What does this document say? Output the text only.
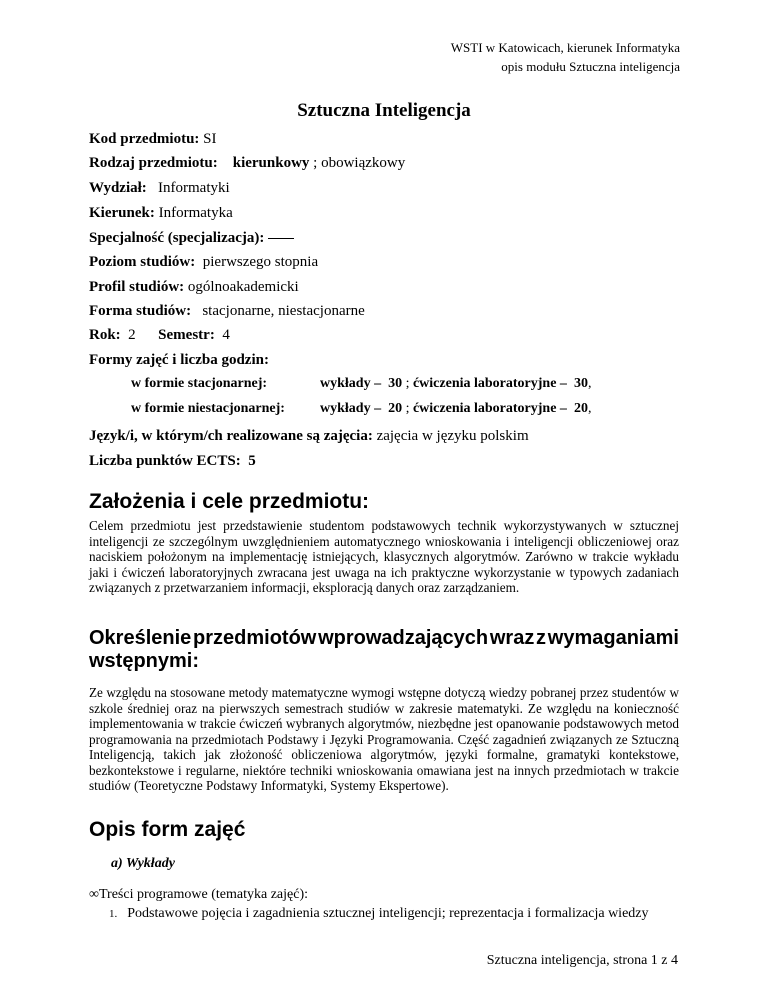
WSTI w Katowicach, kierunek Informatyka
opis modułu Sztuczna inteligencja
Sztuczna Inteligencja
Kod przedmiotu: SI
Rodzaj przedmiotu: kierunkowy ; obowiązkowy
Wydział: Informatyki
Kierunek: Informatyka
Specjalność (specjalizacja):
Poziom studiów: pierwszego stopnia
Profil studiów: ogólnoakademicki
Forma studiów: stacjonarne, niestacjonarne
Rok: 2 Semestr: 4
Formy zajęć i liczba godzin:
w formie stacjonarnej:	wykłady – 30 ; ćwiczenia laboratoryjne – 30,
w formie niestacjonarnej:	wykłady – 20 ; ćwiczenia laboratoryjne – 20,
Język/i, w którym/ch realizowane są zajęcia: zajęcia w języku polskim
Liczba punktów ECTS: 5
Założenia i cele przedmiotu:
Celem przedmiotu jest przedstawienie studentom podstawowych technik wykorzystywanych w sztucznej inteligencji ze szczególnym uwzględnieniem automatycznego wnioskowania i inteligencji obliczeniowej oraz naciskiem położonym na implementację istniejących, klasycznych algorytmów. Zarówno w trakcie wykładu jaki i ćwiczeń laboratoryjnych zwracana jest uwaga na ich praktyczne wykorzystanie w typowych zadaniach związanych z przetwarzaniem informacji, eksploracją danych oraz zarządzaniem.
Określenie przedmiotów wprowadzających wraz z wymaganiami
wstępnymi:
Ze względu na stosowane metody matematyczne wymogi wstępne dotyczą wiedzy pobranej przez studentów w szkole średniej oraz na pierwszych semestrach studiów w zakresie matematyki. Ze względu na konieczność implementowania w trakcie ćwiczeń wybranych algorytmów, niezbędne jest opanowanie podstawowych metod programowania na przedmiotach Podstawy i Języki Programowania. Część zagadnień związanych ze Sztuczną Inteligencją, takich jak złożoność obliczeniowa algorytmów, języki formalne, gramatyki kontekstowe, bezkontekstowe i regularne, niektóre techniki wnioskowania omawiana jest na innych przedmiotach w trakcie studiów (Teoretyczne Podstawy Informatyki, Systemy Ekspertowe).
Opis form zajęć
a) Wykłady
∞Treści programowe (tematyka zajęć):
1. Podstawowe pojęcia i zagadnienia sztucznej inteligencji; reprezentacja i formalizacja wiedzy
Sztuczna inteligencja, strona 1 z 4
